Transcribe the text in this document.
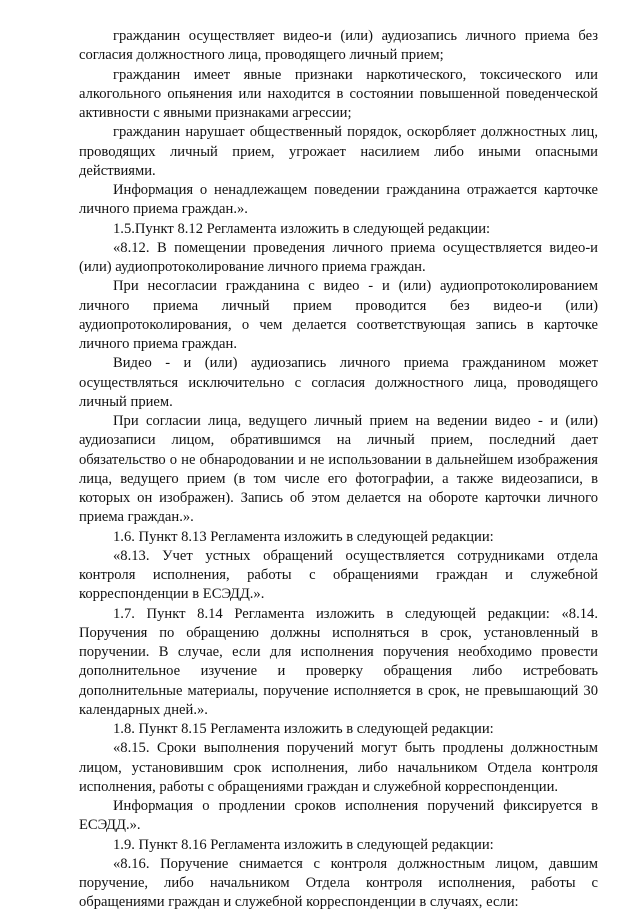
гражданин осуществляет видео-и (или) аудиозапись личного приема без согласия должностного лица, проводящего личный прием;

гражданин имеет явные признаки наркотического, токсического или алкогольного опьянения или находится в состоянии повышенной поведенческой активности с явными признаками агрессии;

гражданин нарушает общественный порядок, оскорбляет должностных лиц, проводящих личный прием, угрожает насилием либо иными опасными действиями.

Информация о ненадлежащем поведении гражданина отражается карточке личного приема граждан.».

1.5.Пункт 8.12 Регламента изложить в следующей редакции:

«8.12. В помещении проведения личного приема осуществляется видео-и (или) аудиопротоколирование личного приема граждан.

При несогласии гражданина с видео - и (или) аудиопротоколированием личного приема личный прием проводится без видео-и (или) аудиопротоколирования, о чем делается соответствующая запись в карточке личного приема граждан.

Видео - и (или) аудиозапись личного приема гражданином может осуществляться исключительно с согласия должностного лица, проводящего личный прием.

При согласии лица, ведущего личный прием на ведении видео - и (или) аудиозаписи лицом, обратившимся на личный прием, последний дает обязательство о не обнародовании и не использовании в дальнейшем изображения лица, ведущего прием (в том числе его фотографии, а также видеозаписи, в которых он изображен). Запись об этом делается на обороте карточки личного приема граждан.».

1.6. Пункт 8.13 Регламента изложить в следующей редакции:

«8.13. Учет устных обращений осуществляется сотрудниками отдела контроля исполнения, работы с обращениями граждан и служебной корреспонденции в ЕСЭДД.».

1.7. Пункт 8.14 Регламента изложить в следующей редакции: «8.14. Поручения по обращению должны исполняться в срок, установленный в поручении. В случае, если для исполнения поручения необходимо провести дополнительное изучение и проверку обращения либо истребовать дополнительные материалы, поручение исполняется в срок, не превышающий 30 календарных дней.».

1.8. Пункт 8.15 Регламента изложить в следующей редакции:

«8.15. Сроки выполнения поручений могут быть продлены должностным лицом, установившим срок исполнения, либо начальником Отдела контроля исполнения, работы с обращениями граждан и служебной корреспонденции.

Информация о продлении сроков исполнения поручений фиксируется в ЕСЭДД.».

1.9. Пункт 8.16 Регламента изложить в следующей редакции:

«8.16. Поручение снимается с контроля должностным лицом, давшим поручение, либо начальником Отдела контроля исполнения, работы с обращениями граждан и служебной корреспонденции в случаях, если:
